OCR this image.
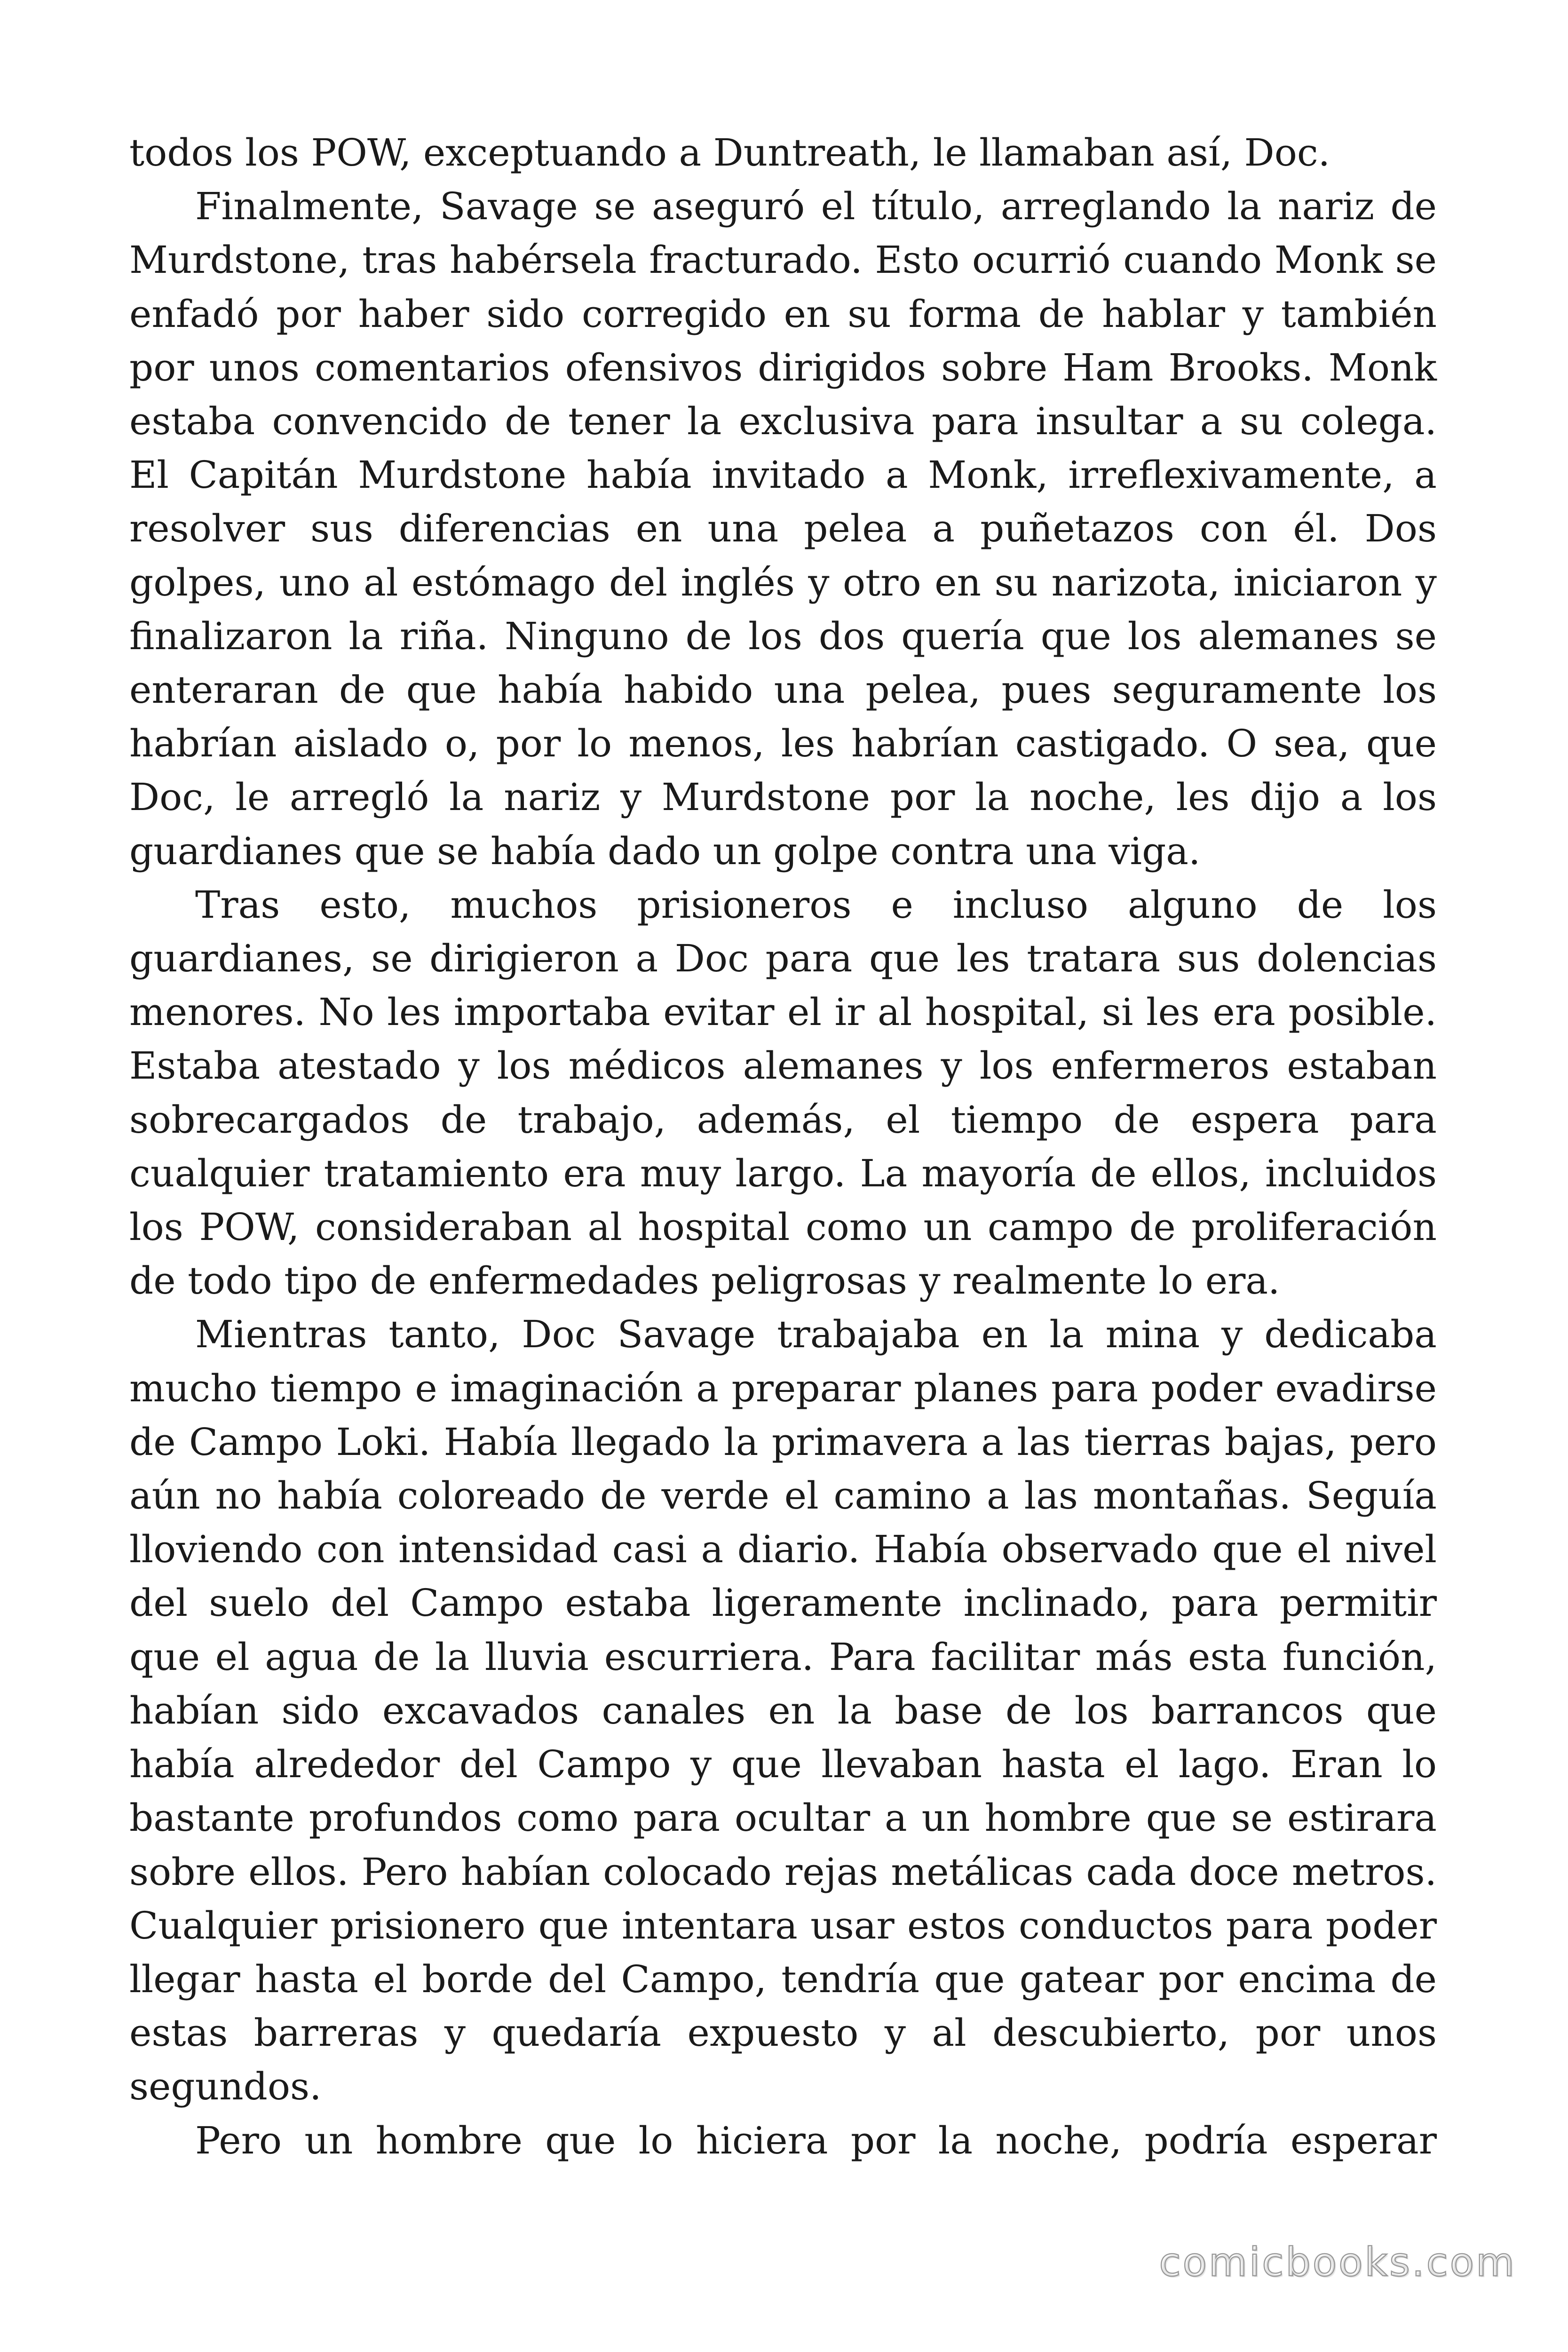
todos los POW, exceptuando a Duntreath, le llamaban así, Doc.

Finalmente, Savage se aseguró el título, arreglando la nariz de Murdstone, tras habérsela fracturado. Esto ocurrió cuando Monk se enfadó por haber sido corregido en su forma de hablar y también por unos comentarios ofensivos dirigidos sobre Ham Brooks. Monk estaba convencido de tener la exclusiva para insultar a su colega. El Capitán Murdstone había invitado a Monk, irreflexivamente, a resolver sus diferencias en una pelea a puñetazos con él. Dos golpes, uno al estómago del inglés y otro en su narizota, iniciaron y finalizaron la riña. Ninguno de los dos quería que los alemanes se enteraran de que había habido una pelea, pues seguramente los habrían aislado o, por lo menos, les habrían castigado. O sea, que Doc, le arregló la nariz y Murdstone por la noche, les dijo a los guardianes que se había dado un golpe contra una viga.

Tras esto, muchos prisioneros e incluso alguno de los guardianes, se dirigieron a Doc para que les tratara sus dolencias menores. No les importaba evitar el ir al hospital, si les era posible. Estaba atestado y los médicos alemanes y los enfermeros estaban sobrecargados de trabajo, además, el tiempo de espera para cualquier tratamiento era muy largo. La mayoría de ellos, incluidos los POW, consideraban al hospital como un campo de proliferación de todo tipo de enfermedades peligrosas y realmente lo era.

Mientras tanto, Doc Savage trabajaba en la mina y dedicaba mucho tiempo e imaginación a preparar planes para poder evadirse de Campo Loki. Había llegado la primavera a las tierras bajas, pero aún no había coloreado de verde el camino a las montañas. Seguía lloviendo con intensidad casi a diario. Había observado que el nivel del suelo del Campo estaba ligeramente inclinado, para permitir que el agua de la lluvia escurriera. Para facilitar más esta función, habían sido excavados canales en la base de los barrancos que había alrededor del Campo y que llevaban hasta el lago. Eran lo bastante profundos como para ocultar a un hombre que se estirara sobre ellos. Pero habían colocado rejas metálicas cada doce metros. Cualquier prisionero que intentara usar estos conductos para poder llegar hasta el borde del Campo, tendría que gatear por encima de estas barreras y quedaría expuesto y al descubierto, por unos segundos.

Pero un hombre que lo hiciera por la noche, podría esperar

comicbooks.com
